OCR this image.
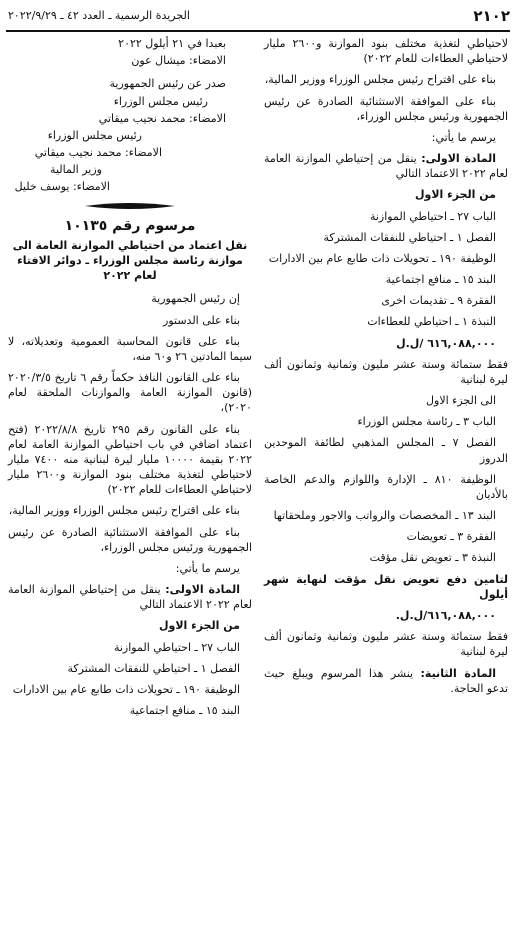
٢١٠٢
الجريدة الرسمية ـ العدد ٤٢ ـ ٢٠٢٢/٩/٢٩

لاحتياطي لتغذية مختلف بنود الموازنة و٢٦٠٠ مليار لاحتياطي العطاءات للعام ٢٠٢٢)

بناء على اقتراح رئيس مجلس الوزراء ووزير المالية،

بناء على الموافقة الاستثنائية الصادرة عن رئيس الجمهورية ورئيس مجلس الوزراء،

يرسم ما يأتي:

المادة الاولى: ينقل من إحتياطي الموازنة العامة لعام ٢٠٢٢ الاعتماد التالي

من الجزء الاول

الباب ٢٧ ـ احتياطي الموازنة

الفصل ١ ـ احتياطي للنفقات المشتركة

الوظيفة ١٩٠ ـ تحويلات ذات طابع عام بين الادارات

البند ١٥ ـ منافع اجتماعية

الفقرة ٩ ـ تقديمات اخرى

النبذة ١ ـ احتياطي للعطاءات

٦١٦,٠٨٨,٠٠٠ /ل.ل

فقط ستمائة وستة عشر مليون وثمانية وثمانون ألف ليرة لبنانية

الى الجزء الاول

الباب ٣ ـ رئاسة مجلس الوزراء

الفصل ٧ ـ المجلس المذهبي لطائفة الموحدين الدروز

الوظيفة ٨١٠ ـ الإدارة واللوازم والدعم الخاصة بالأديان

البند ١٣ ـ المخصصات والرواتب والاجور وملحقاتها

الفقرة ٣ ـ تعويضات

النبذة ٣ ـ تعويض نقل مؤقت

لتامين دفع تعويض نقل مؤقت لنهاية شهر أيلول

٦١٦,٠٨٨,٠٠٠/ل.ل.

فقط ستمائة وستة عشر مليون وثمانية وثمانون ألف ليرة لبنانية

المادة الثانية: ينشر هذا المرسوم ويبلغ حيث تدعو الحاجة.

بعبدا في ٢١ أيلول ٢٠٢٢

الامضاء: ميشال عون

صدر عن رئيس الجمهورية

رئيس مجلس الوزراء

الامضاء: محمد نجيب ميقاتي

رئيس مجلس الوزراء

الامضاء: محمد نجيب ميقاتي

وزير المالية

الامضاء: يوسف خليل

مرسوم رقم ١٠١٣٥

نقل اعتماد من احتياطي الموازنة العامة الى موازنة رئاسة مجلس الوزراء ـ دوائر الافتاء لعام ٢٠٢٢

إن رئيس الجمهورية

بناء على الدستور

بناء على قانون المحاسبة العمومية وتعديلاته، لا سيما المادتين ٢٦ و٦٠ منه،

بناء على القانون النافذ حكماً رقم ٦ تاريخ ٢٠٢٠/٣/٥ (قانون الموازنة العامة والموازنات الملحقة لعام ٢٠٢٠)،

بناء على القانون رقم ٢٩٥ تاريخ ٢٠٢٢/٨/٨ (فتح اعتماد اضافي في باب احتياطي الموازنة العامة لعام ٢٠٢٢ بقيمة ١٠٠٠٠ مليار ليرة لبنانية منه ٧٤٠٠ مليار لاحتياطي لتغذية مختلف بنود الموازنة و٢٦٠٠ مليار لاحتياطي العطاءات للعام ٢٠٢٢)

بناء على اقتراح رئيس مجلس الوزراء ووزير المالية،

بناء على الموافقة الاستثنائية الصادرة عن رئيس الجمهورية ورئيس مجلس الوزراء،

يرسم ما يأتي:

المادة الاولى: ينقل من إحتياطي الموازنة العامة لعام ٢٠٢٢ الاعتماد التالي

من الجزء الاول

الباب ٢٧ ـ احتياطي الموازنة

الفصل ١ ـ احتياطي للنفقات المشتركة

الوظيفة ١٩٠ ـ تحويلات ذات طابع عام بين الادارات

البند ١٥ ـ منافع اجتماعية
